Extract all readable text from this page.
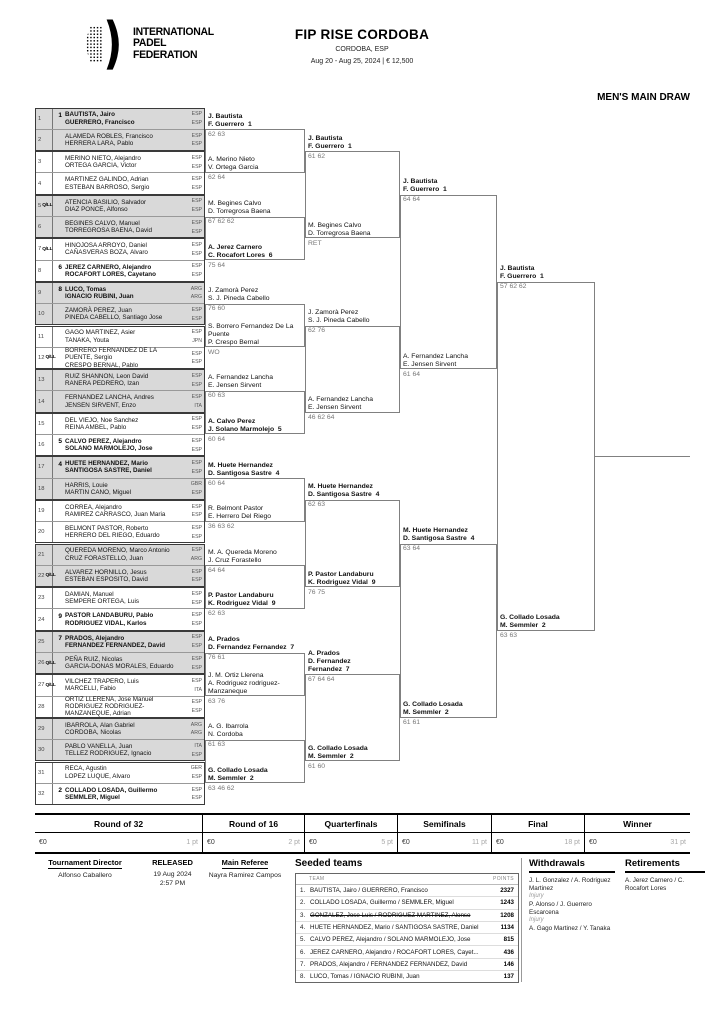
) INTERNATIONAL
PADEL
FEDERATION
FIP RISE CORDOBA
CORDOBA, ESP
Aug 20 - Aug 25, 2024 | € 12,500
MEN'S MAIN DRAW
1	1 BAUTISTA, Jairo
GUERRERO, Francisco
ESP
ESP
2
ALAMEDA ROBLES, Francisco
HERRERA LARA, Pablo
ESP
ESP
3
MERINO NIETO, Alejandro
ORTEGA GARCIA, Victor
ESP
ESP
4
MARTINEZ GALINDO, Adrian
ESTEBAN BARROSO, Sergio
ESP
ESP
5 Q/LL
ATENCIA BASILIO, Salvador
DIAZ PONCE, Alfonso
ESP
ESP
6
BEGINES CALVO, Manuel
TORREGROSA BAENA, David
ESP
ESP
7 Q/LL
HINOJOSA ARROYO, Daniel
CAÑASVERAS BOZA, Alvaro
ESP
ESP
8	6 JEREZ CARNERO, Alejandro
ROCAFORT LORES, Cayetano
ESP
ESP
9	8 LUCO, Tomas
IGNACIO RUBINI, Juan
ARG
ARG
10
ZAMORÀ PEREZ, Juan
PINEDA CABELLO, Santiago Jose
ESP
ESP
11
GAGO MARTINEZ, Asier
TANAKA, Youta
ESP
JPN
12 Q/LL
BORRERO FERNANDEZ DE LA PUENTE, Sergio
CRESPO BERNAL, Pablo
ESP
ESP
13
RUIZ SHANNON, Leon David
RANERA PEDRERO, Izan
ESP
ESP
14
FERNANDEZ LANCHA, Andres
JENSEN SIRVENT, Enzo
ESP
ITA
15
DEL VIEJO, Noe Sanchez
REINA AMBEL, Pablo
ESP
ESP
16 5 CALVO PEREZ, Alejandro
SOLANO MARMOLEJO, Jose
ESP
ESP
17 4 HUETE HERNANDEZ, Mario
SANTIGOSA SASTRE, Daniel
ESP
ESP
18
HARRIS, Louie
MARTIN CANO, Miguel
GBR
ESP
19
CORREA, Alejandro
RAMIREZ CARRASCO, Juan Maria
ESP
ESP
20
BELMONT PASTOR, Roberto
HERRERO DEL RIEGO, Eduardo
ESP
ESP
21
QUEREDA MORENO, Marco Antonio
CRUZ FORASTELLO, Juan
ESP
ARG
22 Q/LL
ALVAREZ HORNILLO, Jesus
ESTEBAN ESPOSITO, David
ESP
ESP
23
DAMIAN, Manuel
SEMPERE ORTEGA, Luis
ESP
ESP
24 9 PASTOR LANDABURU, Pablo
RODRIGUEZ VIDAL, Karlos
ESP
ESP
25 7 PRADOS, Alejandro
FERNANDEZ FERNANDEZ, David
ESP
ESP
26 Q/LL
PEÑA RUIZ, Nicolas
GARCIA-DONAS MORALES, Eduardo
ESP
ESP
27 Q/LL
VILCHEZ TRAPERO, Luis
MARCELLI, Fabio
ESP
ITA
28
ORTIZ LLERENA, Jose Manuel
RODRIGUEZ RODRIGUEZ-MANZANEQUE, Adrian
ESP
ESP
29
IBARROLA, Alan Gabriel
CORDOBA, Nicolas
ARG
ARG
30
PABLO VANELLA, Juan
TELLEZ RODRIGUEZ, Ignacio
ITA
ESP
31
RECA, Agustin
LOPEZ LUQUE, Alvaro
GER
ESP
32 2 COLLADO LOSADA, Guillermo
SEMMLER, Miguel
ESP
ESP
J. Bautista
F. Guerrero  1
62 63
A. Merino Nieto
V. Ortega Garcia
62 64
M. Begines Calvo
D. Torregrosa Baena
67 62 62
A. Jerez Carnero
C. Rocafort Lores  6
75 64
J. Zamorà Perez
S. J. Pineda Cabello
76 60
S. Borrero Fernandez De La Puente
P. Crespo Bernal
WO
A. Fernandez Lancha
E. Jensen Sirvent
60 63
A. Calvo Perez
J. Solano Marmolejo  5
60 64
M. Huete Hernandez
D. Santigosa Sastre  4
60 64
R. Belmont Pastor
E. Herrero Del Riego
36 63 62
M. A. Quereda Moreno
J. Cruz Forastello
64 64
P. Pastor Landaburu
K. Rodriguez Vidal  9
62 63
A. Prados
D. Fernandez Fernandez  7
76 61
J. M. Ortiz Llerena
A. Rodriguez rodriguez-Manzaneque
63 76
A. G. Ibarrola
N. Cordoba
61 63
G. Collado Losada
M. Semmler  2
63 46 62
J. Bautista
F. Guerrero  1
61 62
M. Begines Calvo
D. Torregrosa Baena
RET
J. Zamorà Perez
S. J. Pineda Cabello
62 76
A. Fernandez Lancha
E. Jensen Sirvent
46 62 64
M. Huete Hernandez
D. Santigosa Sastre  4
62 63
P. Pastor Landaburu
K. Rodriguez Vidal  9
76 75
A. Prados
D. Fernandez Fernandez  7
67 64 64
G. Collado Losada
M. Semmler  2
61 60
J. Bautista
F. Guerrero  1
64 64
A. Fernandez Lancha
E. Jensen Sirvent
61 64
M. Huete Hernandez
D. Santigosa Sastre  4
63 64
G. Collado Losada
M. Semmler  2
61 61
J. Bautista
F. Guerrero  1
57 62 62
G. Collado Losada
M. Semmler  2
63 63
Round of 32
€0	1 pt
Round of 16
€0	2 pt
Quarterfinals
€0	5 pt
Semifinals
€0	11 pt
Final
€0	18 pt
Winner
€0	31 pt
Tournament Director
Alfonso Caballero
RELEASED
19 Aug 2024
2:57 PM
Main Referee
Nayra Ramirez Campos
Seeded teams
TEAM	POINTS
1. BAUTISTA, Jairo / GUERRERO, Francisco	2327
2. COLLADO LOSADA, Guillermo / SEMMLER, Miguel	1243
3. GONZALEZ, Jose Luis / RODRIGUEZ MARTINEZ, Alonso	1208
4. HUETE HERNANDEZ, Mario / SANTIGOSA SASTRE, Daniel	1134
5. CALVO PEREZ, Alejandro / SOLANO MARMOLEJO, Jose	815
6. JEREZ CARNERO, Alejandro / ROCAFORT LORES, Cayet...	436
7. PRADOS, Alejandro / FERNANDEZ FERNANDEZ, David	146
8. LUCO, Tomas / IGNACIO RUBINI, Juan	137
Withdrawals
J. L. Gonzalez / A. Rodriguez Martinez
Injury
P. Alonso / J. Guerrero Escarcena
Injury
A. Gago Martinez / Y. Tanaka
Retirements
A. Jerez Carnero / C. Rocafort Lores
